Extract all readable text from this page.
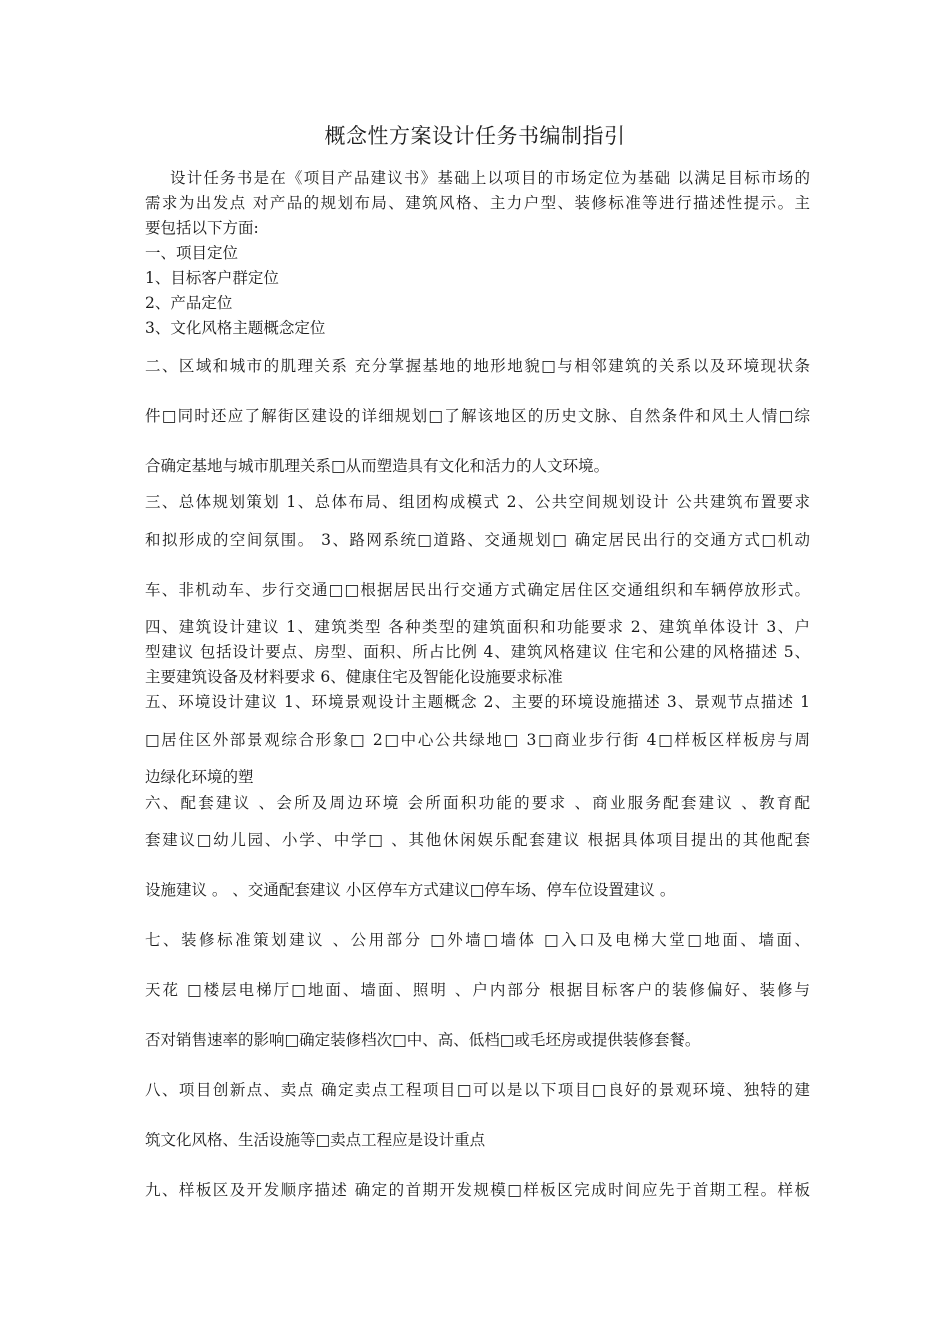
概念性方案设计任务书编制指引
设计任务书是在《项目产品建议书》基础上以项目的市场定位为基础 以满足目标市场的
需求为出发点 对产品的规划布局、建筑风格、主力户型、装修标准等进行描述性提示。主
要包括以下方面:
一、项目定位
1、目标客户群定位
2、产品定位
3、文化风格主题概念定位
二、区域和城市的肌理关系 充分掌握基地的地形地貌□与相邻建筑的关系以及环境现状条
件□同时还应了解街区建设的详细规划□了解该地区的历史文脉、自然条件和风土人情□综
合确定基地与城市肌理关系□从而塑造具有文化和活力的人文环境。
三、总体规划策划 1、总体布局、组团构成模式 2、公共空间规划设计 公共建筑布置要求
和拟形成的空间氛围。 3、路网系统□道路、交通规划□ 确定居民出行的交通方式□机动
车、非机动车、步行交通□□根据居民出行交通方式确定居住区交通组织和车辆停放形式。
四、建筑设计建议 1、建筑类型 各种类型的建筑面积和功能要求 2、建筑单体设计 3、户
型建议 包括设计要点、房型、面积、所占比例 4、建筑风格建议 住宅和公建的风格描述 5、
主要建筑设备及材料要求 6、健康住宅及智能化设施要求标准
五、环境设计建议 1、环境景观设计主题概念 2、主要的环境设施描述 3、景观节点描述 1
□居住区外部景观综合形象□ 2□中心公共绿地□ 3□商业步行街 4□样板区样板房与周
边绿化环境的塑
六、配套建议 、会所及周边环境 会所面积功能的要求 、商业服务配套建议 、教育配
套建议□幼儿园、小学、中学□ 、其他休闲娱乐配套建议 根据具体项目提出的其他配套
设施建议 。 、交通配套建议 小区停车方式建议□停车场、停车位设置建议 。
七、装修标准策划建议 、公用部分 □外墙□墙体 □入口及电梯大堂□地面、墙面、
天花 □楼层电梯厅□地面、墙面、照明 、户内部分 根据目标客户的装修偏好、装修与
否对销售速率的影响□确定装修档次□中、高、低档□或毛坯房或提供装修套餐。
八、项目创新点、卖点 确定卖点工程项目□可以是以下项目□良好的景观环境、独特的建
筑文化风格、生活设施等□卖点工程应是设计重点
九、样板区及开发顺序描述 确定的首期开发规模□样板区完成时间应先于首期工程。样板
